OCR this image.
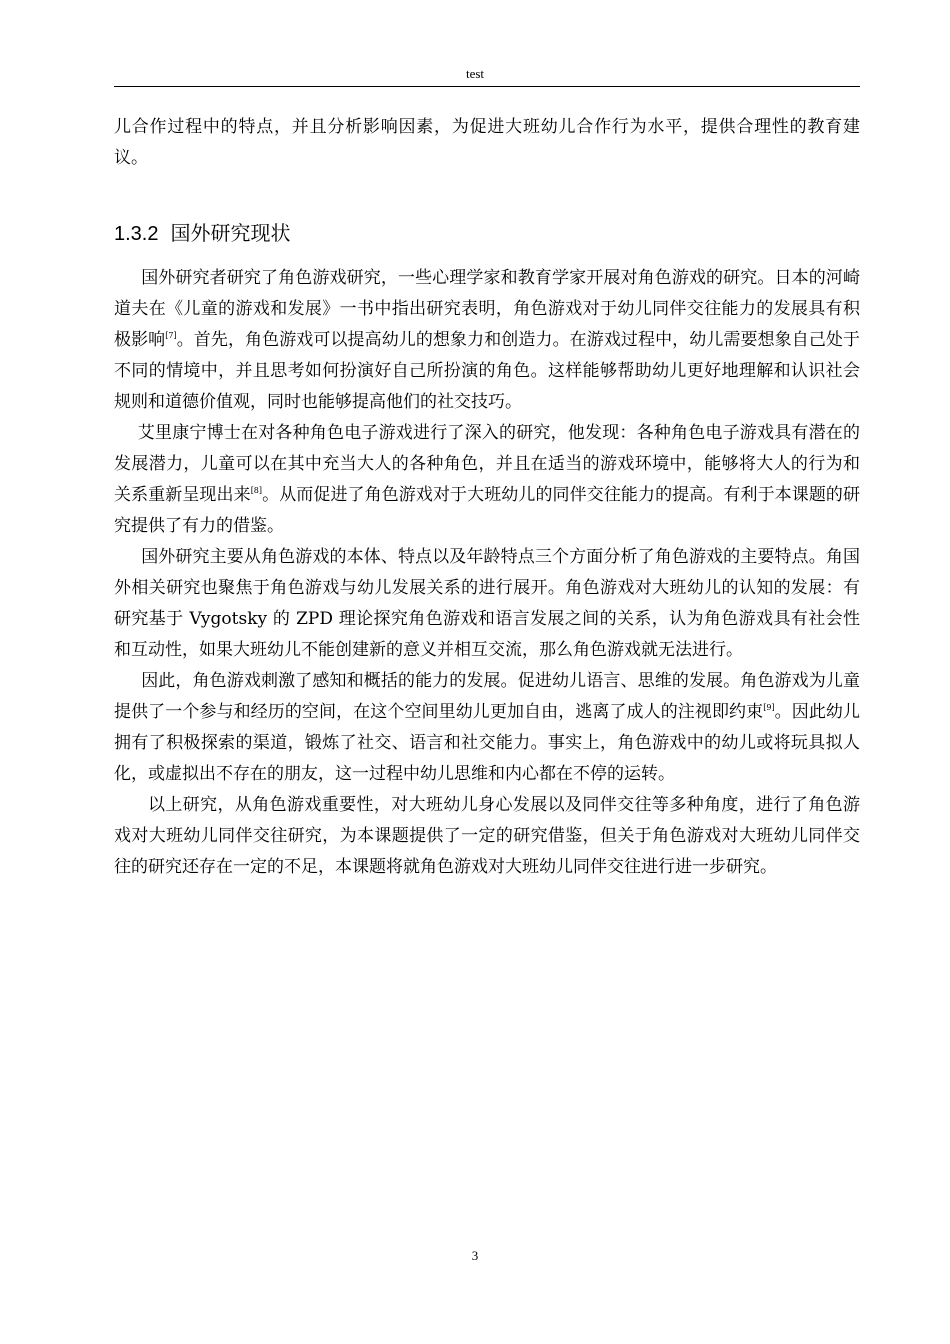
test

儿合作过程中的特点，并且分析影响因素，为促进大班幼儿合作行为水平，提供合理性的教育建议。

1.3.2 国外研究现状

国外研究者研究了角色游戏研究，一些心理学家和教育学家开展对角色游戏的研究。日本的河崎道夫在《儿童的游戏和发展》一书中指出研究表明，角色游戏对于幼儿同伴交往能力的发展具有积极影响[7]。首先，角色游戏可以提高幼儿的想象力和创造力。在游戏过程中，幼儿需要想象自己处于不同的情境中，并且思考如何扮演好自己所扮演的角色。这样能够帮助幼儿更好地理解和认识社会规则和道德价值观，同时也能够提高他们的社交技巧。

艾里康宁博士在对各种角色电子游戏进行了深入的研究，他发现：各种角色电子游戏具有潜在的发展潜力，儿童可以在其中充当大人的各种角色，并且在适当的游戏环境中，能够将大人的行为和关系重新呈现出来[8]。从而促进了角色游戏对于大班幼儿的同伴交往能力的提高。有利于本课题的研究提供了有力的借鉴。

国外研究主要从角色游戏的本体、特点以及年龄特点三个方面分析了角色游戏的主要特点。角国外相关研究也聚焦于角色游戏与幼儿发展关系的进行展开。角色游戏对大班幼儿的认知的发展：有研究基于 Vygotsky 的 ZPD 理论探究角色游戏和语言发展之间的关系，认为角色游戏具有社会性和互动性，如果大班幼儿不能创建新的意义并相互交流，那么角色游戏就无法进行。

因此，角色游戏刺激了感知和概括的能力的发展。促进幼儿语言、思维的发展。角色游戏为儿童提供了一个参与和经历的空间，在这个空间里幼儿更加自由，逃离了成人的注视即约束[9]。因此幼儿拥有了积极探索的渠道，锻炼了社交、语言和社交能力。事实上，角色游戏中的幼儿或将玩具拟人化，或虚拟出不存在的朋友，这一过程中幼儿思维和内心都在不停的运转。

以上研究，从角色游戏重要性，对大班幼儿身心发展以及同伴交往等多种角度，进行了角色游戏对大班幼儿同伴交往研究，为本课题提供了一定的研究借鉴，但关于角色游戏对大班幼儿同伴交往的研究还存在一定的不足，本课题将就角色游戏对大班幼儿同伴交往进行进一步研究。

3
